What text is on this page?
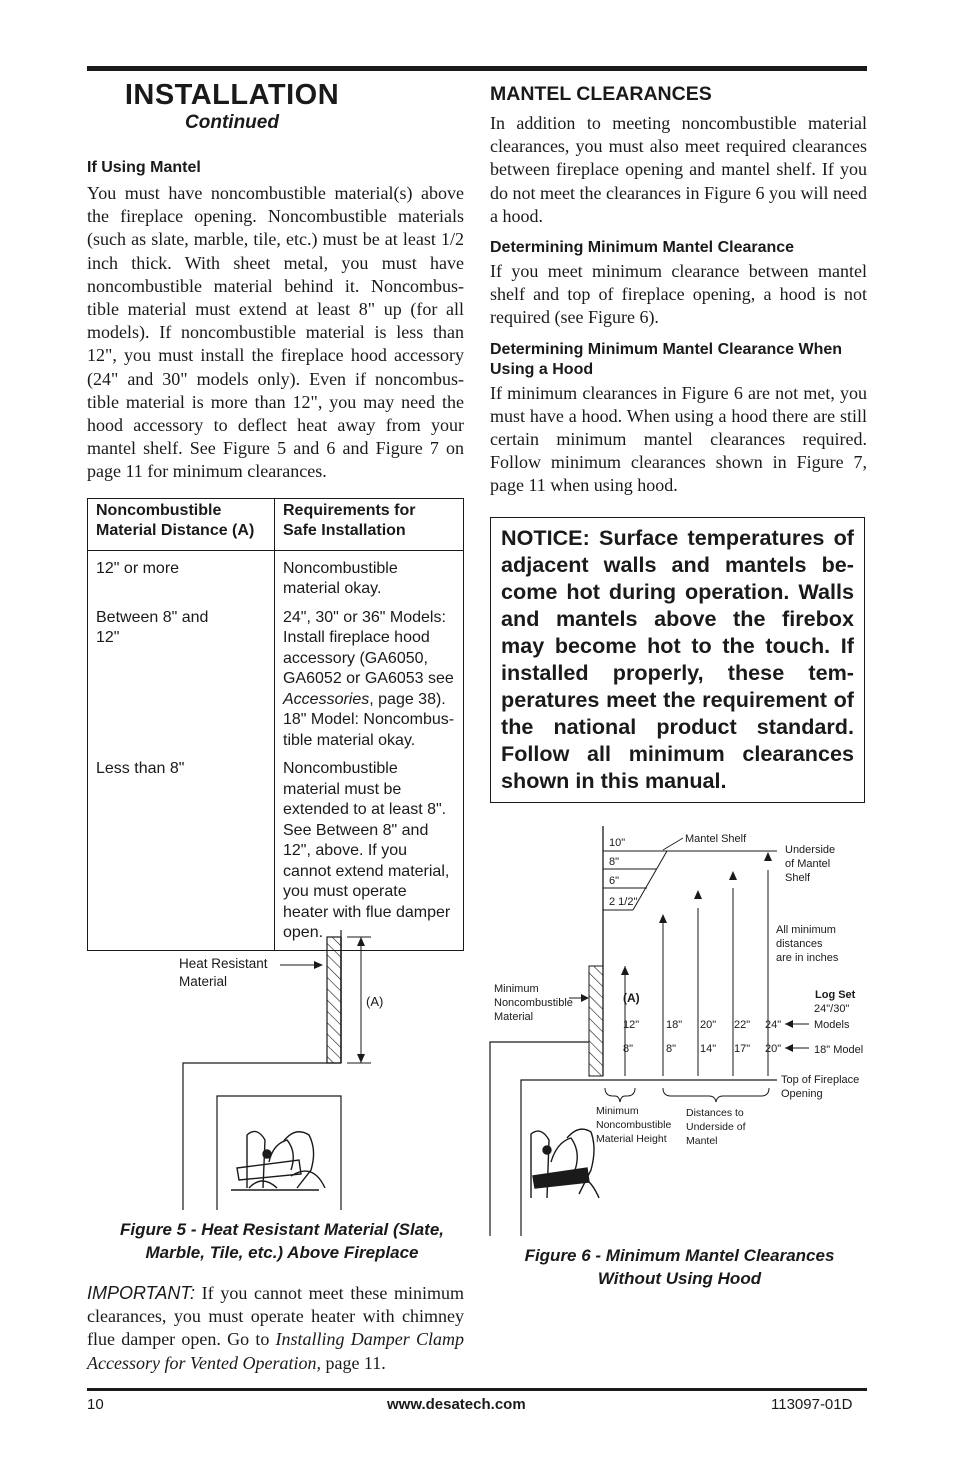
INSTALLATION
Continued
If Using Mantel

You must have noncombustible material(s) above the fireplace opening. Noncombustible materials (such as slate, marble, tile, etc.) must be at least 1/2 inch thick. With sheet metal, you must have noncombustible material behind it. Noncombus-tible material must extend at least 8" up (for all models). If noncombustible material is less than 12", you must install the fireplace hood accessory (24" and 30" models only). Even if noncombus-tible material is more than 12", you may need the hood accessory to deflect heat away from your mantel shelf. See Figure 5 and 6 and Figure 7 on page 11 for minimum clearances.

Noncombustible Material Distance (A)	Requirements for Safe Installation
12" or more	Noncombustible material okay.
Between 8" and 12"	24", 30" or 36" Models: Install fireplace hood accessory (GA6050, GA6052 or GA6053 see Accessories, page 38). 18" Model: Noncombus-tible material okay.
Less than 8"	Noncombustible material must be extended to at least 8". See Between 8" and 12", above. If you cannot extend material, you must operate heater with flue damper open.
(A)
Heat Resistant Material
Figure 5 - Heat Resistant Material (Slate, Marble, Tile, etc.) Above Fireplace

IMPORTANT: If you cannot meet these minimum clearances, you must operate heater with chimney flue damper open. Go to Installing Damper Clamp Accessory for Vented Operation, page 11.

MANTEL CLEARANCES

In addition to meeting noncombustible material clearances, you must also meet required clearances between fireplace opening and mantel shelf. If you do not meet the clearances in Figure 6 you will need a hood.

Determining Minimum Mantel Clearance

If you meet minimum clearance between mantel shelf and top of fireplace opening, a hood is not required (see Figure 6).

Determining Minimum Mantel Clearance When Using a Hood

If minimum clearances in Figure 6 are not met, you must have a hood. When using a hood there are still certain minimum mantel clearances required. Follow minimum clearances shown in Figure 7, page 11 when using hood.

NOTICE: Surface temperatures of adjacent walls and mantels be-come hot during operation. Walls and mantels above the firebox may become hot to the touch. If installed properly, these tem-peratures meet the requirement of the national product standard. Follow all minimum clearances shown in this manual.
10"
8"
6"
2 1/2"
Mantel Shelf
Underside of Mantel Shelf
All minimum distances are in inches
Minimum Noncombustible Material
(A)
12" 18" 20" 22" 24"
8"	8" 14" 17" 20"
Log Set
24"/30" Models
18" Model
Top of Fireplace Opening
Minimum Noncombustible Material Height
Distances to Underside of Mantel
Figure 6 - Minimum Mantel Clearances Without Using Hood
10	www.desatech.com	113097-01D
